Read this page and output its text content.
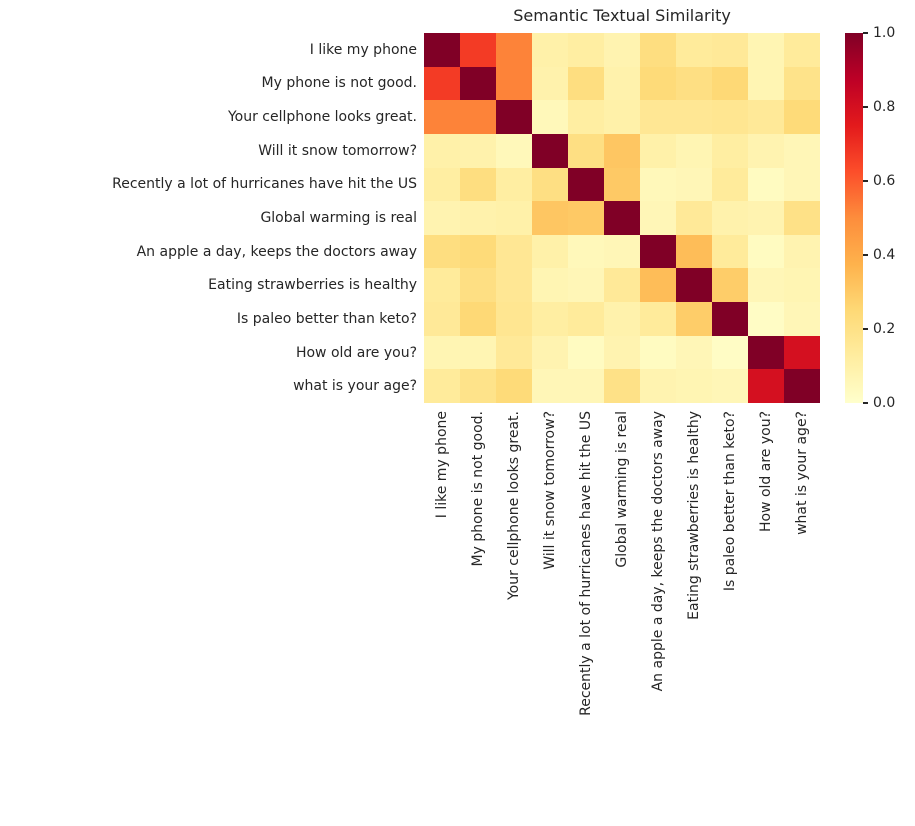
Semantic Textual Similarity
I like my phone
My phone is not good.
Your cellphone looks great.
Will it snow tomorrow?
Recently a lot of hurricanes have hit the US
Global warming is real
An apple a day, keeps the doctors away
Eating strawberries is healthy
Is paleo better than keto?
How old are you?
what is your age?
I like my phone My phone is not good. Your cellphone looks great. Will it snow tomorrow? Recently a lot of hurricanes have hit the US Global warming is real An apple a day, keeps the doctors away Eating strawberries is healthy Is paleo better than keto? How old are you? what is your age?
0.0
0.2
0.4
0.6
0.8
1.0
